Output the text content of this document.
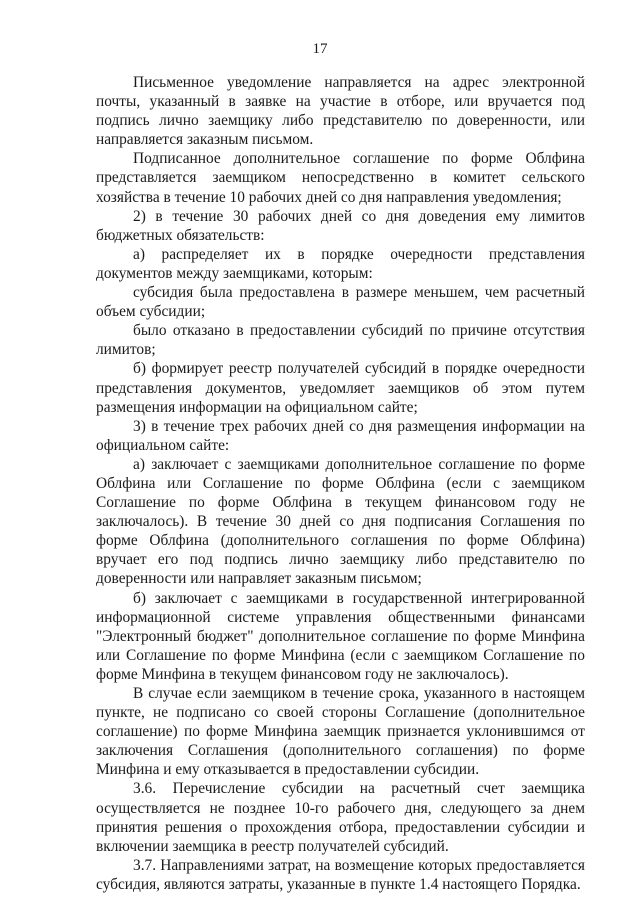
17

Письменное уведомление направляется на адрес электронной почты, указанный в заявке на участие в отборе, или вручается под подпись лично заемщику либо представителю по доверенности, или направляется заказным письмом.

Подписанное дополнительное соглашение по форме Облфина представляется заемщиком непосредственно в комитет сельского хозяйства в течение 10 рабочих дней со дня направления уведомления;

2) в течение 30 рабочих дней со дня доведения ему лимитов бюджетных обязательств:

а) распределяет их в порядке очередности представления документов между заемщиками, которым:

субсидия была предоставлена в размере меньшем, чем расчетный объем субсидии;

было отказано в предоставлении субсидий по причине отсутствия лимитов;

б) формирует реестр получателей субсидий в порядке очередности представления документов, уведомляет заемщиков об этом путем размещения информации на официальном сайте;

3) в течение трех рабочих дней со дня размещения информации на официальном сайте:

а) заключает с заемщиками дополнительное соглашение по форме Облфина или Соглашение по форме Облфина (если с заемщиком Соглашение по форме Облфина в текущем финансовом году не заключалось). В течение 30 дней со дня подписания Соглашения по форме Облфина (дополнительного соглашения по форме Облфина) вручает его под подпись лично заемщику либо представителю по доверенности или направляет заказным письмом;

б) заключает с заемщиками в государственной интегрированной информационной системе управления общественными финансами "Электронный бюджет" дополнительное соглашение по форме Минфина или Соглашение по форме Минфина (если с заемщиком Соглашение по форме Минфина в текущем финансовом году не заключалось).

В случае если заемщиком в течение срока, указанного в настоящем пункте, не подписано со своей стороны Соглашение (дополнительное соглашение) по форме Минфина заемщик признается уклонившимся от заключения Соглашения (дополнительного соглашения) по форме Минфина и ему отказывается в предоставлении субсидии.

3.6. Перечисление субсидии на расчетный счет заемщика осуществляется не позднее 10-го рабочего дня, следующего за днем принятия решения о прохождения отбора, предоставлении субсидии и включении заемщика в реестр получателей субсидий.

3.7. Направлениями затрат, на возмещение которых предоставляется субсидия, являются затраты, указанные в пункте 1.4 настоящего Порядка.
